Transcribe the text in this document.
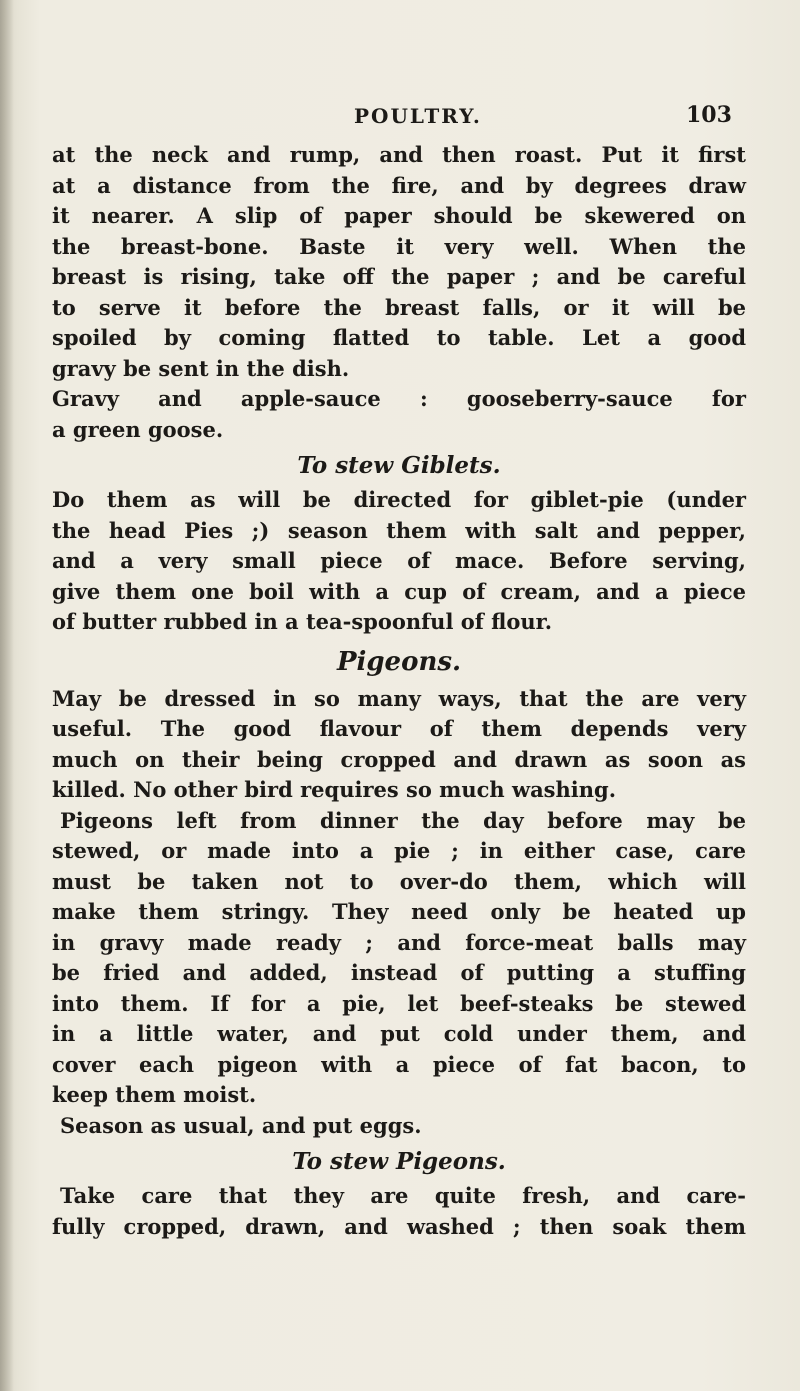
POULTRY.	103

at the neck and rump, and then roast. Put it first

at a distance from the fire, and by degrees draw

it nearer. A slip of paper should be skewered on

the breast-bone. Baste it very well. When the

breast is rising, take off the paper ; and be careful

to serve it before the breast falls, or it will be

spoiled by coming flatted to table. Let a good

gravy be sent in the dish.

Gravy and apple-sauce : gooseberry-sauce for

a green goose.

To stew Giblets.

Do them as will be directed for giblet-pie (under

the head Pies ;) season them with salt and pepper,

and a very small piece of mace. Before serving,

give them one boil with a cup of cream, and a piece

of butter rubbed in a tea-spoonful of flour.

Pigeons.

May be dressed in so many ways, that the are very

useful. The good flavour of them depends very

much on their being cropped and drawn as soon as

killed. No other bird requires so much washing.

Pigeons left from dinner the day before may be

stewed, or made into a pie ; in either case, care

must be taken not to over-do them, which will

make them stringy. They need only be heated up

in gravy made ready ; and force-meat balls may

be fried and added, instead of putting a stuffing

into them. If for a pie, let beef-steaks be stewed

in a little water, and put cold under them, and

cover each pigeon with a piece of fat bacon, to

keep them moist.

Season as usual, and put eggs.

To stew Pigeons.

Take care that they are quite fresh, and care-

fully cropped, drawn, and washed ; then soak them
